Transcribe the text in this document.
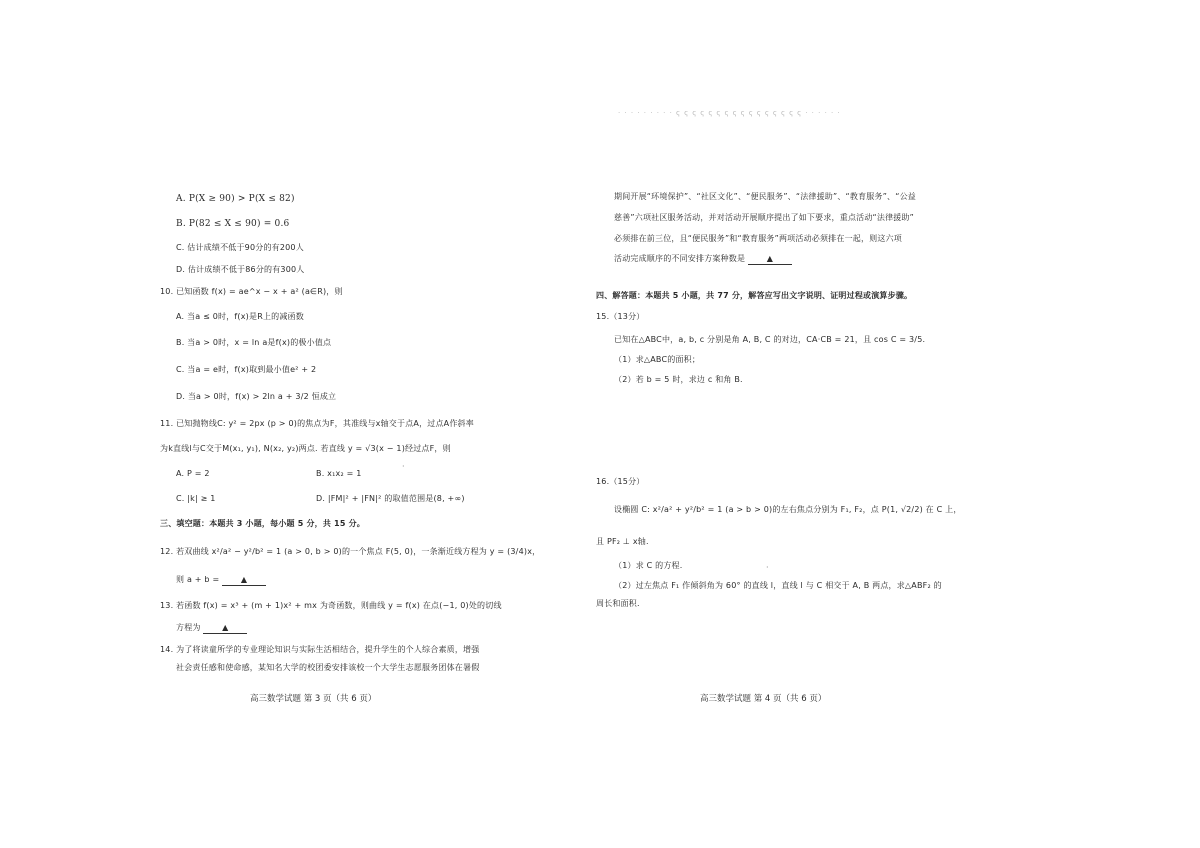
· · · · · · · · · ҁ ҁ ҁ ҁ ҁ ҁ ҁ ҁ ҁ ҁ ҁ ҁ ҁ ҁ ҁ ҁ · · · · · ·
A. P(X ≥ 90) > P(X ≤ 82)
B. P(82 ≤ X ≤ 90) = 0.6
C. 估计成绩不低于90分的有200人
D. 估计成绩不低于86分的有300人
10. 已知函数 f(x) = ae^x − x + a² (a∈R)，则
A. 当a ≤ 0时，f(x)是R上的减函数
B. 当a > 0时，x = ln a是f(x)的极小值点
C. 当a = e时，f(x)取到最小值e² + 2
D. 当a > 0时，f(x) > 2ln a + 3/2 恒成立
11. 已知抛物线C: y² = 2px (p > 0)的焦点为F，其准线与x轴交于点A，过点A作斜率
为k直线l与C交于M(x₁, y₁), N(x₂, y₂)两点. 若直线 y = √3(x − 1)经过点F，则
A. P = 2	B. x₁x₂ = 1
C. |k| ≥ 1	D. |FM|² + |FN|² 的取值范围是(8, +∞)
三、填空题：本题共 3 小题，每小题 5 分，共 15 分。
12. 若双曲线 x²/a² − y²/b² = 1 (a > 0, b > 0)的一个焦点 F(5, 0)，一条渐近线方程为 y = (3/4)x，
则 a + b =	▲
13. 若函数 f(x) = x³ + (m + 1)x² + mx 为奇函数，则曲线 y = f(x) 在点(−1, 0)处的切线
方程为	▲
14. 为了将读童所学的专业理论知识与实际生活相结合，提升学生的个人综合素质，增强
社会责任感和使命感，某知名大学的校团委安排该校一个大学生志愿服务团体在暑假
高三数学试题 第 3 页（共 6 页）
期间开展“环境保护”、“社区文化”、“便民服务”、“法律援助”、“教育服务”、“公益
慈善”六项社区服务活动，并对活动开展顺序提出了如下要求，重点活动“法律援助”
必须排在前三位，且“便民服务”和“教育服务”两项活动必须排在一起，则这六项
活动完成顺序的不同安排方案种数是	▲
四、解答题：本题共 5 小题，共 77 分，解答应写出文字说明、证明过程或演算步骤。
15.（13分）
已知在△ABC中，a, b, c 分别是角 A, B, C 的对边，CA·CB = 21，且 cos C = 3/5.
（1）求△ABC的面积；
（2）若 b = 5 时，求边 c 和角 B.
16.（15分）
设椭圆 C: x²/a² + y²/b² = 1 (a > b > 0)的左右焦点分别为 F₁, F₂，点 P(1, √2/2) 在 C 上，
且 PF₂ ⊥ x轴.
（1）求 C 的方程.
（2）过左焦点 F₁ 作倾斜角为 60° 的直线 l，直线 l 与 C 相交于 A, B 两点，求△ABF₂ 的
周长和面积.
高三数学试题 第 4 页（共 6 页）
·
·
